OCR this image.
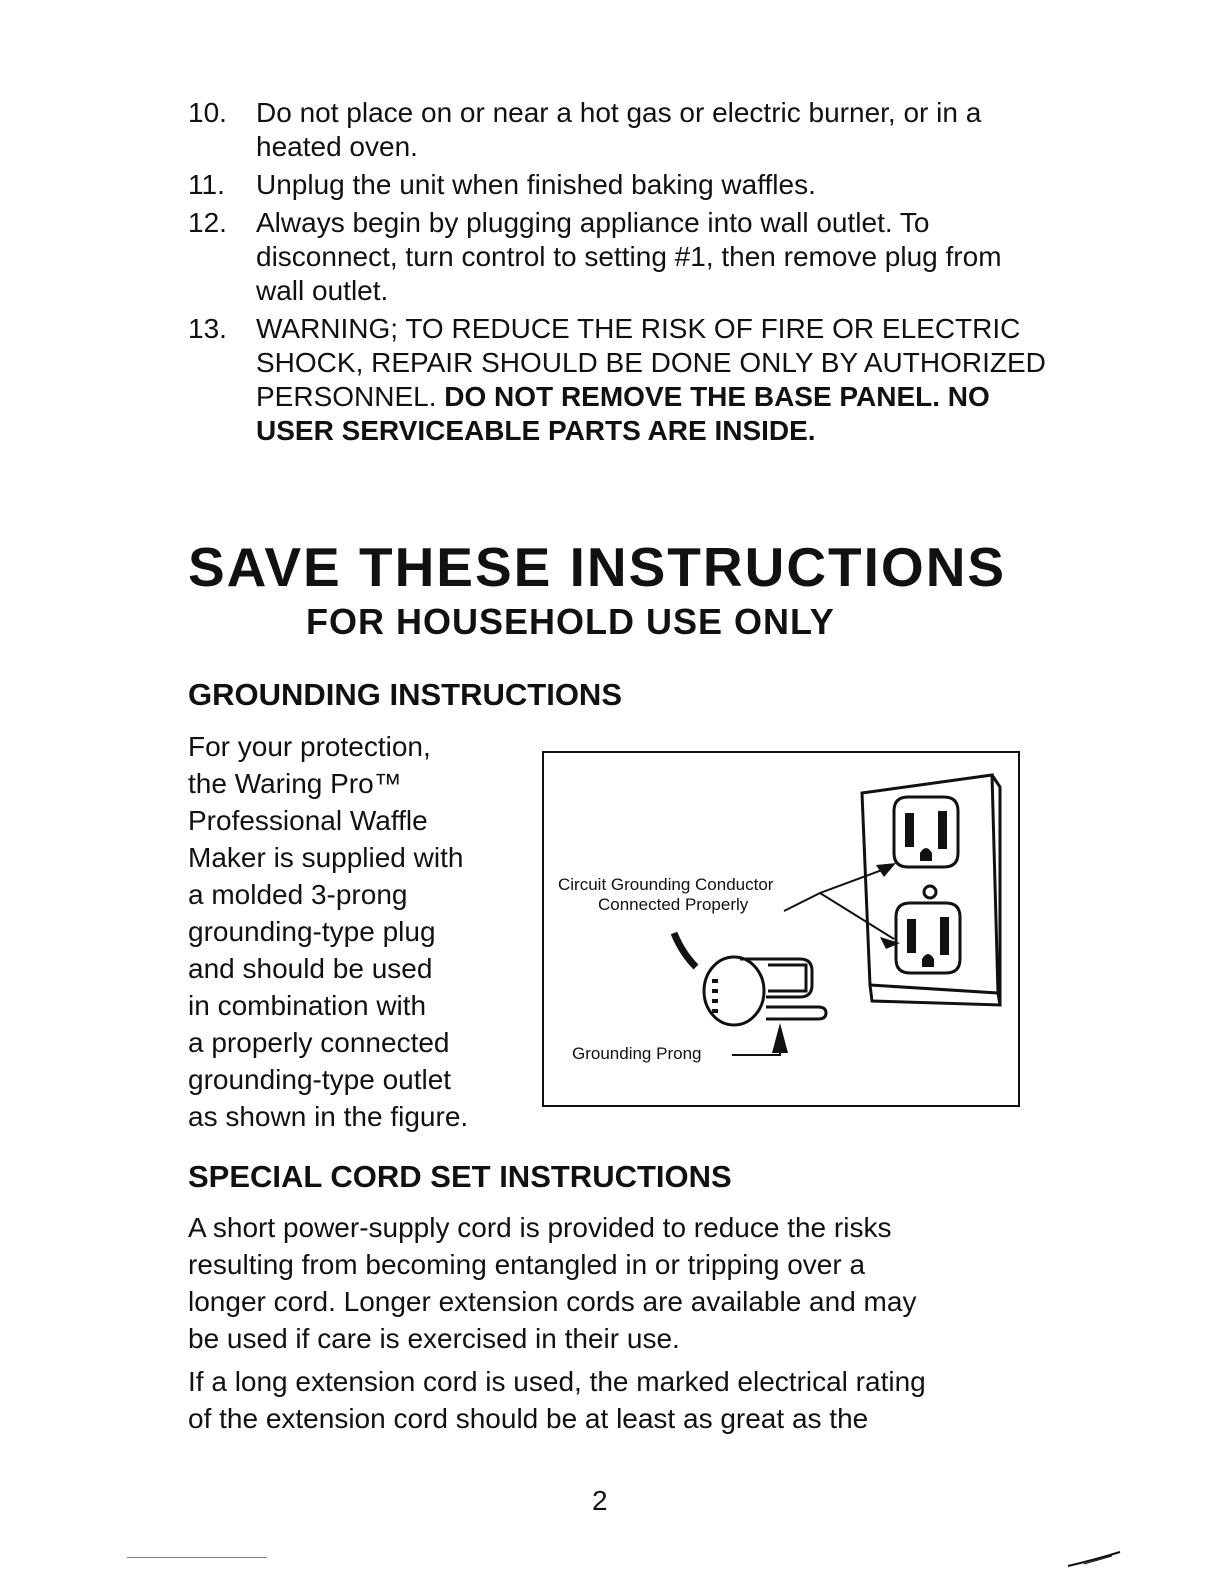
10. Do not place on or near a hot gas or electric burner, or in a heated oven.
11. Unplug the unit when finished baking waffles.
12. Always begin by plugging appliance into wall outlet. To disconnect, turn control to setting #1, then remove plug from wall outlet.
13. WARNING; TO REDUCE THE RISK OF FIRE OR ELECTRIC SHOCK, REPAIR SHOULD BE DONE ONLY BY AUTHORIZED PERSONNEL. DO NOT REMOVE THE BASE PANEL. NO USER SERVICEABLE PARTS ARE INSIDE.
SAVE THESE INSTRUCTIONS
FOR HOUSEHOLD USE ONLY
GROUNDING INSTRUCTIONS
For your protection,
the Waring Pro™
Professional Waffle
Maker is supplied with
a molded 3-prong
grounding-type plug
and should be used
in combination with
a properly connected
grounding-type outlet
as shown in the figure.
Circuit Grounding Conductor
Connected Properly
Grounding Prong
SPECIAL CORD SET INSTRUCTIONS
A short power-supply cord is provided to reduce the risks
resulting from becoming entangled in or tripping over a
longer cord. Longer extension cords are available and may
be used if care is exercised in their use.
If a long extension cord is used, the marked electrical rating
of the extension cord should be at least as great as the
2
